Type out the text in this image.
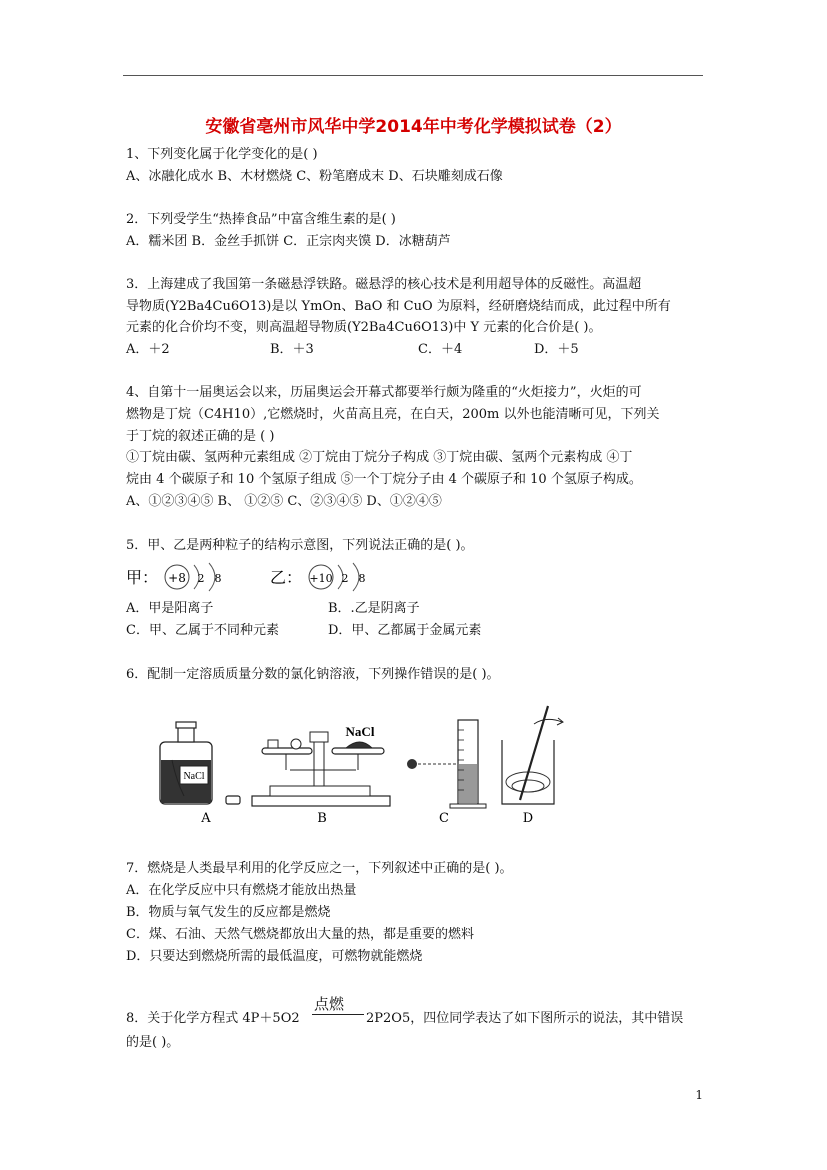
安徽省亳州市风华中学2014年中考化学模拟试卷（2）
1、下列变化属于化学变化的是( )
A、冰融化成水 B、木材燃烧 C、粉笔磨成末 D、石块雕刻成石像
2．下列受学生“热捧食品”中富含维生素的是( )
A．糯米团 B．金丝手抓饼 C．正宗肉夹馍 D．冰糖葫芦
3．上海建成了我国第一条磁悬浮铁路。磁悬浮的核心技术是利用超导体的反磁性。高温超
导物质(Y2Ba4Cu6O13)是以 YmOn、BaO 和 CuO 为原料，经研磨烧结而成，此过程中所有
元素的化合价均不变，则高温超导物质(Y2Ba4Cu6O13)中 Y 元素的化合价是( )。
A．＋2	B．＋3	C．＋4	D．＋5
4、自第十一届奥运会以来，历届奥运会开幕式都要举行颇为隆重的“火炬接力”，火炬的可
燃物是丁烷（C4H10）,它燃烧时，火苗高且亮，在白天，200m 以外也能清晰可见，下列关
于丁烷的叙述正确的是 ( )
①丁烷由碳、氢两种元素组成 ②丁烷由丁烷分子构成 ③丁烷由碳、氢两个元素构成 ④丁
烷由 4 个碳原子和 10 个氢原子组成 ⑤一个丁烷分子由 4 个碳原子和 10 个氢原子构成。
A、①②③④⑤ B、 ①②⑤ C、②③④⑤ D、①②④⑤
5．甲、乙是两种粒子的结构示意图，下列说法正确的是( )。
甲： +8 2 8	乙： +10 2 8
A．甲是阳离子	B．.乙是阴离子
C．甲、乙属于不同种元素	D．甲、乙都属于金属元素
6．配制一定溶质质量分数的氯化钠溶液，下列操作错误的是( )。
NaCl
A
NaCl
B	C	D
7．燃烧是人类最早利用的化学反应之一，下列叙述中正确的是( )。
A．在化学反应中只有燃烧才能放出热量
B．物质与氧气发生的反应都是燃烧
C．煤、石油、天然气燃烧都放出大量的热，都是重要的燃料
D．只要达到燃烧所需的最低温度，可燃物就能燃烧
8．关于化学方程式 4P＋5O2
点燃
2P2O5，四位同学表达了如下图所示的说法，其中错误
的是( )。
1
